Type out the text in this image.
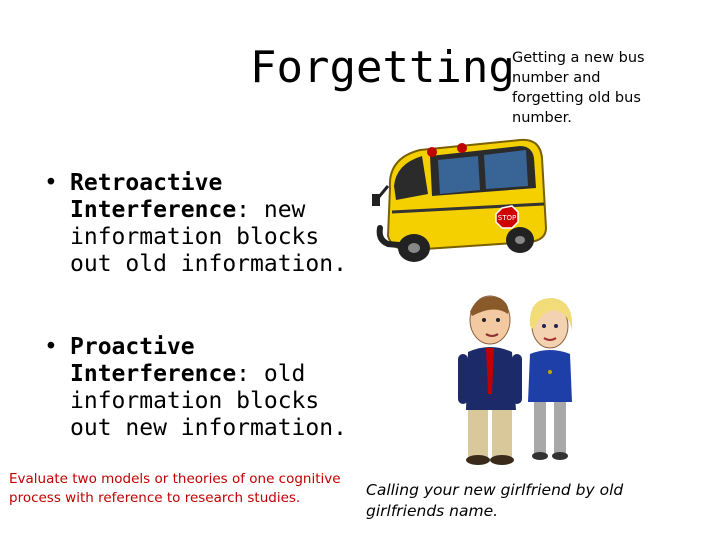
Forgetting
Getting a new bus number and forgetting old bus number.
STOP
• Retroactive Interference: new information blocks out old information.
• Proactive Interference: old information blocks out new information.
Evaluate two models or theories of one cognitive process with reference to research studies.	Calling your new girlfriend by old girlfriends name.
